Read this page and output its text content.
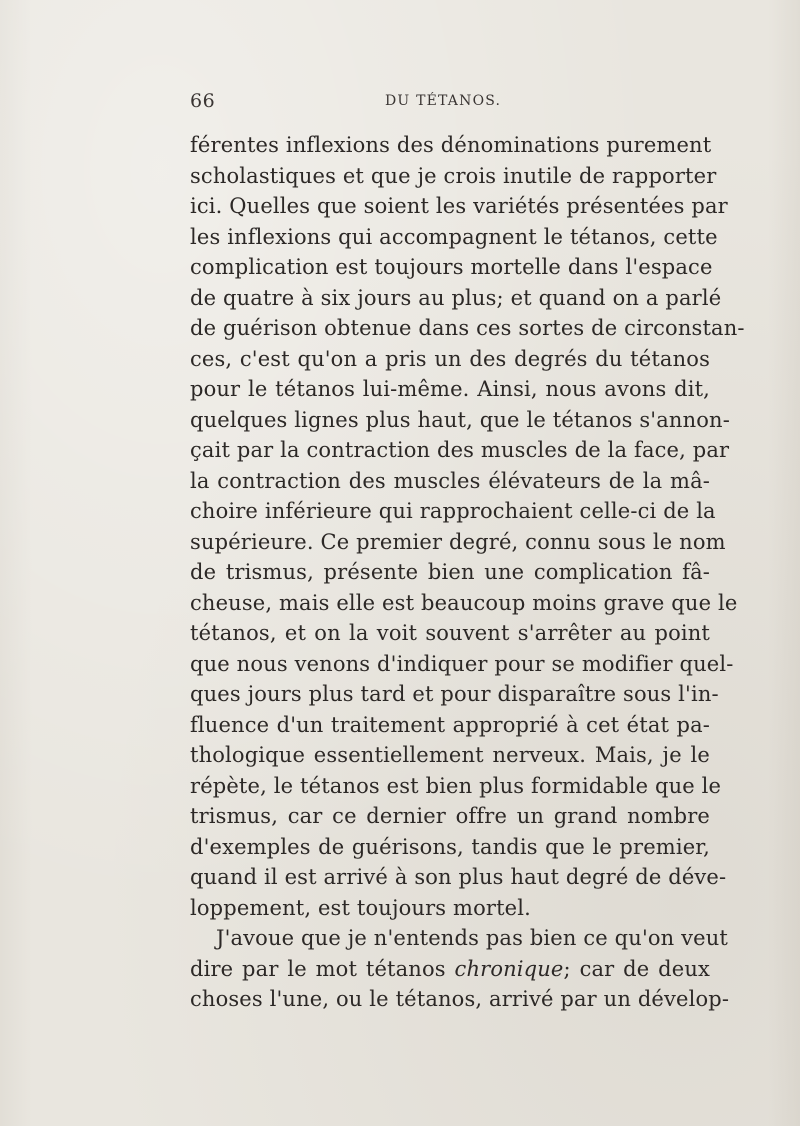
66	DU TÉTANOS.
férentes inflexions des dénominations purement
scholastiques et que je crois inutile de rapporter
ici. Quelles que soient les variétés présentées par
les inflexions qui accompagnent le tétanos, cette
complication est toujours mortelle dans l'espace
de quatre à six jours au plus; et quand on a parlé
de guérison obtenue dans ces sortes de circonstan-
ces, c'est qu'on a pris un des degrés du tétanos
pour le tétanos lui-même. Ainsi, nous avons dit,
quelques lignes plus haut, que le tétanos s'annon-
çait par la contraction des muscles de la face, par
la contraction des muscles élévateurs de la mâ-
choire inférieure qui rapprochaient celle-ci de la
supérieure. Ce premier degré, connu sous le nom
de trismus, présente bien une complication fâ-
cheuse, mais elle est beaucoup moins grave que le
tétanos, et on la voit souvent s'arrêter au point
que nous venons d'indiquer pour se modifier quel-
ques jours plus tard et pour disparaître sous l'in-
fluence d'un traitement approprié à cet état pa-
thologique essentiellement nerveux. Mais, je le
répète, le tétanos est bien plus formidable que le
trismus, car ce dernier offre un grand nombre
d'exemples de guérisons, tandis que le premier,
quand il est arrivé à son plus haut degré de déve-
loppement, est toujours mortel.
J'avoue que je n'entends pas bien ce qu'on veut
dire par le mot tétanos chronique; car de deux
choses l'une, ou le tétanos, arrivé par un dévelop-
